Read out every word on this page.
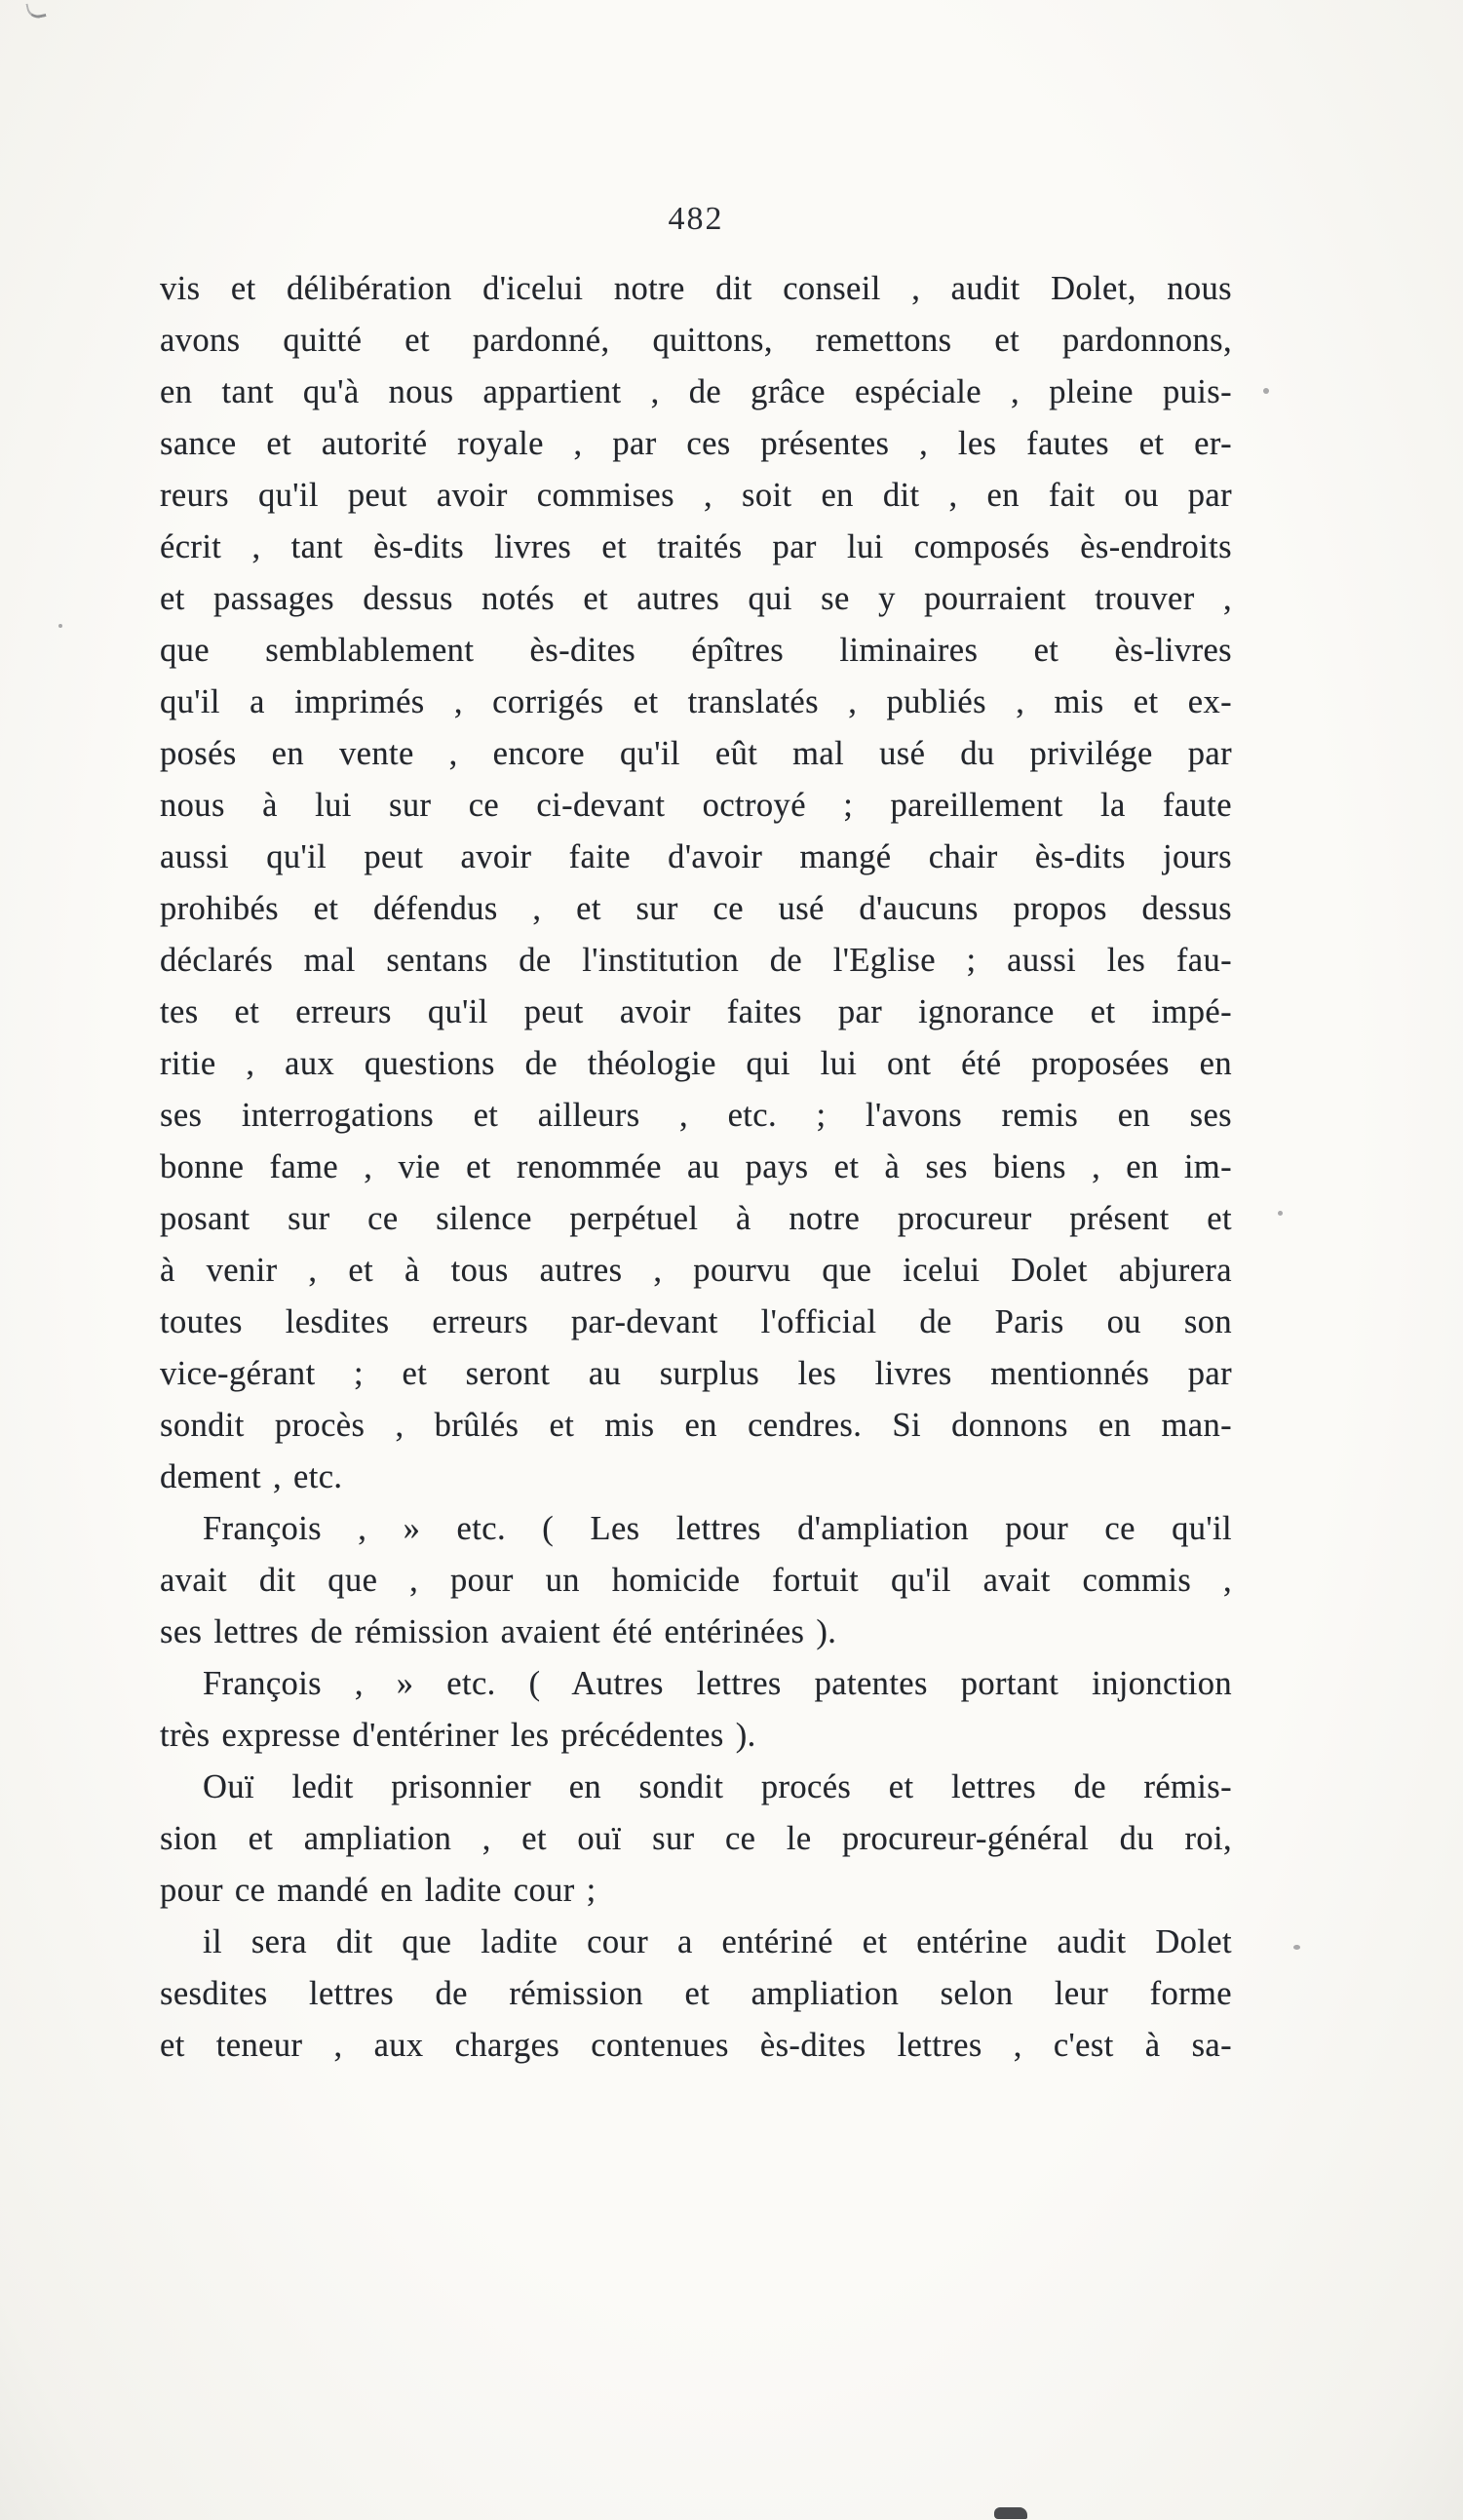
482
vis et délibération d'icelui notre dit conseil , audit Dolet, nous
avons quitté et pardonné, quittons, remettons et pardonnons,
en tant qu'à nous appartient , de grâce espéciale , pleine puis-
sance et autorité royale , par ces présentes , les fautes et er-
reurs qu'il peut avoir commises , soit en dit , en fait ou par
écrit , tant ès-dits livres et traités par lui composés ès-endroits
et passages dessus notés et autres qui se y pourraient trouver ,
que semblablement ès-dites épîtres liminaires et ès-livres
qu'il a imprimés , corrigés et translatés , publiés , mis et ex-
posés en vente , encore qu'il eût mal usé du privilége par
nous à lui sur ce ci-devant octroyé ; pareillement la faute
aussi qu'il peut avoir faite d'avoir mangé chair ès-dits jours
prohibés et défendus , et sur ce usé d'aucuns propos dessus
déclarés mal sentans de l'institution de l'Eglise ; aussi les fau-
tes et erreurs qu'il peut avoir faites par ignorance et impé-
ritie , aux questions de théologie qui lui ont été proposées en
ses interrogations et ailleurs , etc. ; l'avons remis en ses
bonne fame , vie et renommée au pays et à ses biens , en im-
posant sur ce silence perpétuel à notre procureur présent et
à venir , et à tous autres , pourvu que icelui Dolet abjurera
toutes lesdites erreurs par-devant l'official de Paris ou son
vice-gérant ; et seront au surplus les livres mentionnés par
sondit procès , brûlés et mis en cendres. Si donnons en man-
dement , etc.
François , » etc. ( Les lettres d'ampliation pour ce qu'il
avait dit que , pour un homicide fortuit qu'il avait commis ,
ses lettres de rémission avaient été entérinées ).
François , » etc. ( Autres lettres patentes portant injonction
très expresse d'entériner les précédentes ).
Ouï ledit prisonnier en sondit procés et lettres de rémis-
sion et ampliation , et ouï sur ce le procureur-général du roi,
pour ce mandé en ladite cour ;
il sera dit que ladite cour a entériné et entérine audit Dolet
sesdites lettres de rémission et ampliation selon leur forme
et teneur , aux charges contenues ès-dites lettres , c'est à sa-
